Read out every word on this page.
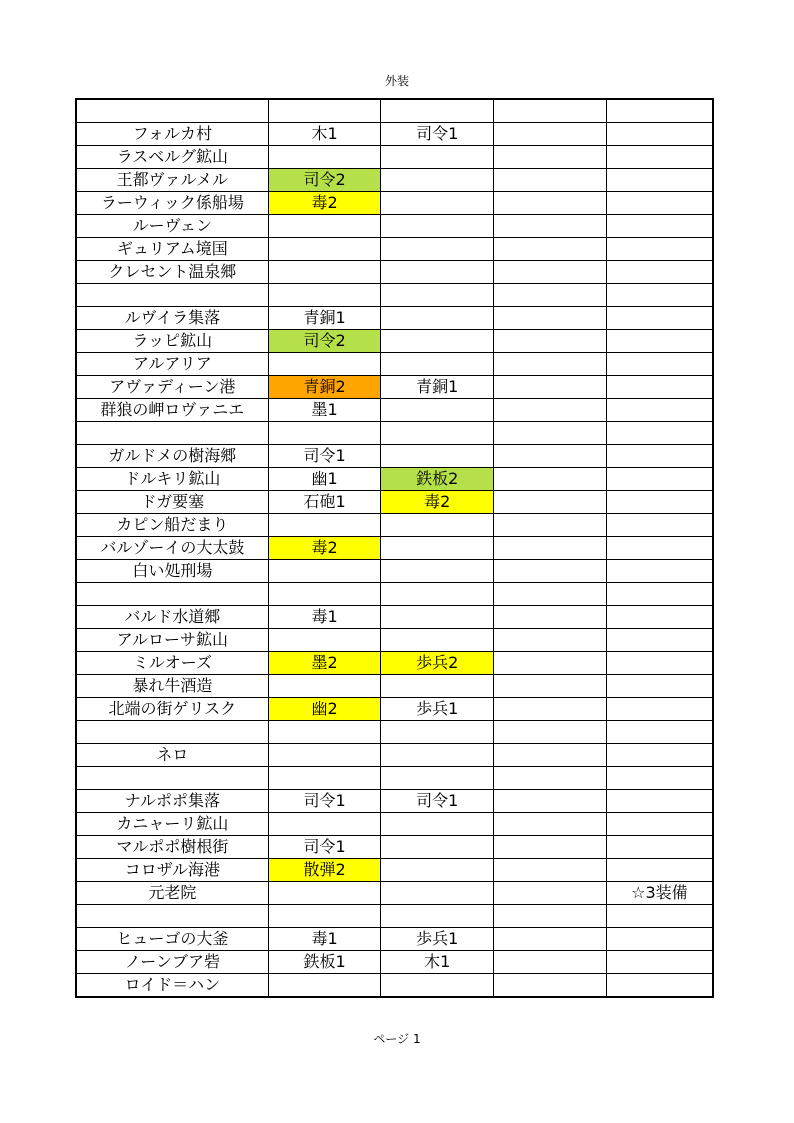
外装

フォルカ村	木1	司令1		
ラスベルグ鉱山				
王都ヴァルメル	司令2			
ラーウィック係船場	毒2			
ルーヴェン				
ギュリアム境国				
クレセント温泉郷				

ルヴイラ集落	青銅1			
ラッピ鉱山	司令2			
アルアリア				
アヴァディーン港	青銅2	青銅1		
群狼の岬ロヴァニエ	墨1			

ガルドメの樹海郷	司令1			
ドルキリ鉱山	幽1	鉄板2		
ドガ要塞	石砲1	毒2		
カピン船だまり				
バルゾーイの大太鼓	毒2			
白い処刑場				

バルド水道郷	毒1			
アルローサ鉱山				
ミルオーズ	墨2	歩兵2		
暴れ牛酒造				
北端の街ゲリスク	幽2	歩兵1		

ネロ				

ナルポポ集落	司令1	司令1		
カニャーリ鉱山				
マルポポ樹根街	司令1			
コロザル海港	散弾2			
元老院				☆3装備

ヒューゴの大釜	毒1	歩兵1		
ノーンブア砦	鉄板1	木1		
ロイド＝ハン				
ページ 1
